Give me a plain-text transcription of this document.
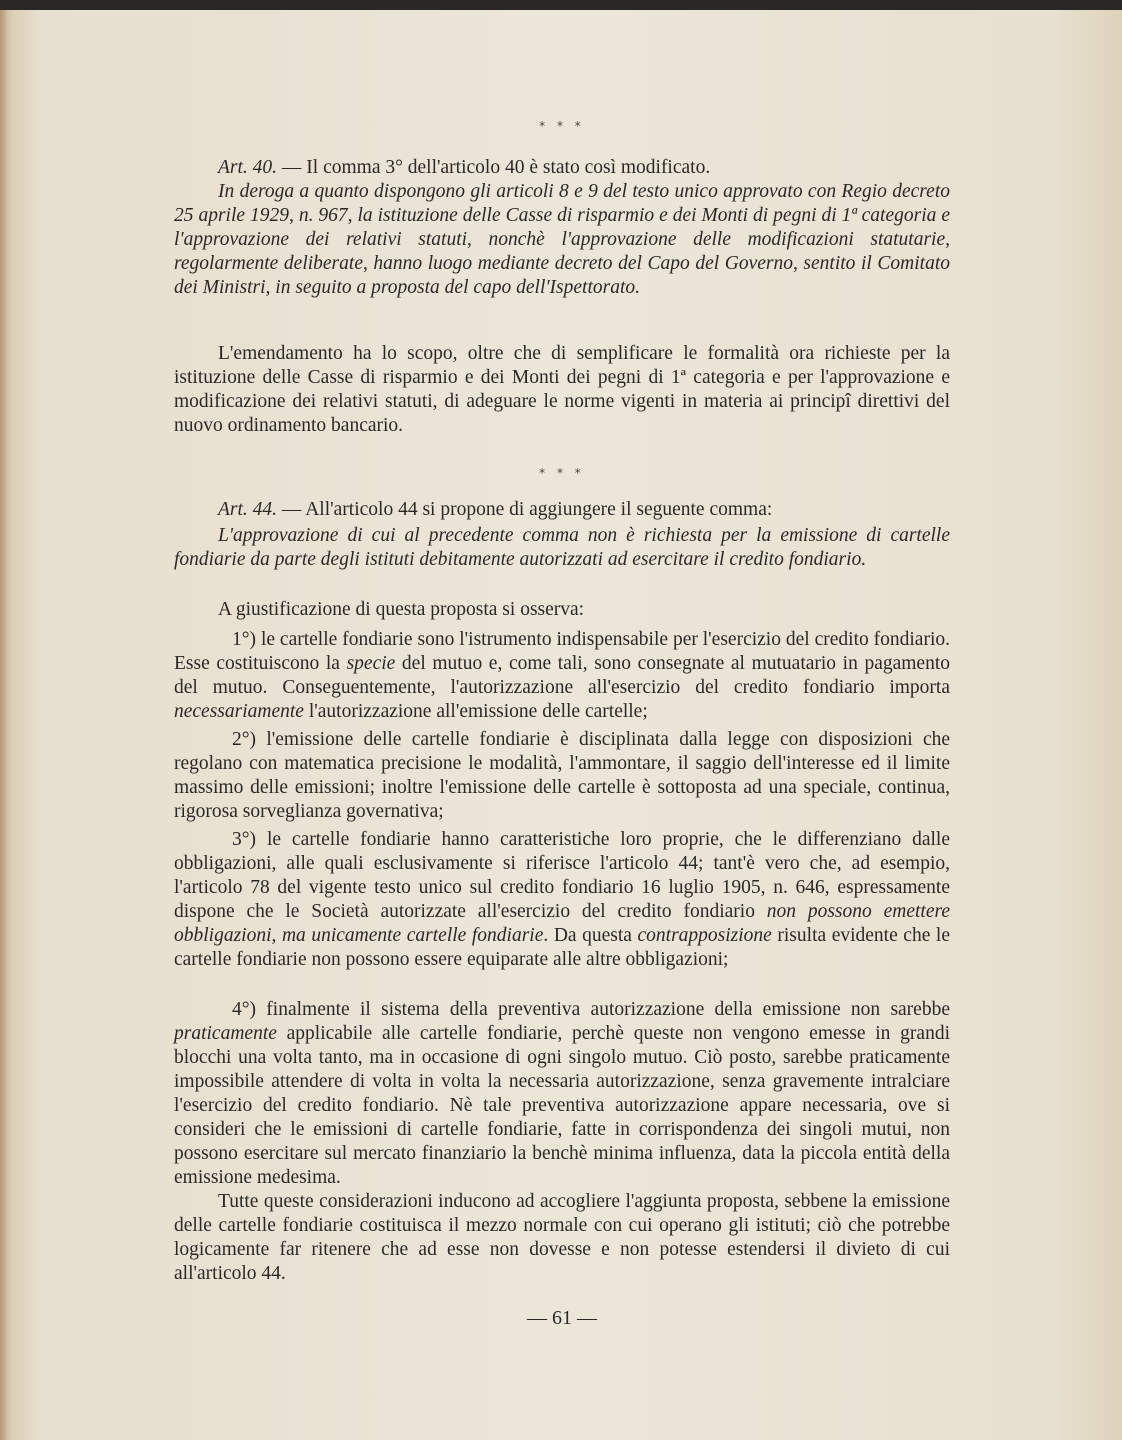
* * *

Art. 40. — Il comma 3° dell'articolo 40 è stato così modificato.

In deroga a quanto dispongono gli articoli 8 e 9 del testo unico approvato con Regio decreto 25 aprile 1929, n. 967, la istituzione delle Casse di risparmio e dei Monti di pegni di 1ª categoria e l'approvazione dei relativi statuti, nonchè l'approvazione delle modificazioni statutarie, regolarmente deliberate, hanno luogo mediante decreto del Capo del Governo, sentito il Comitato dei Ministri, in seguito a proposta del capo dell'Ispettorato.

L'emendamento ha lo scopo, oltre che di semplificare le formalità ora richieste per la istituzione delle Casse di risparmio e dei Monti dei pegni di 1ª categoria e per l'approvazione e modificazione dei relativi statuti, di adeguare le norme vigenti in materia ai principî direttivi del nuovo ordinamento bancario.

* * *

Art. 44. — All'articolo 44 si propone di aggiungere il seguente comma:

L'approvazione di cui al precedente comma non è richiesta per la emissione di cartelle fondiarie da parte degli istituti debitamente autorizzati ad esercitare il credito fondiario.

A giustificazione di questa proposta si osserva:

1°) le cartelle fondiarie sono l'istrumento indispensabile per l'esercizio del credito fondiario. Esse costituiscono la specie del mutuo e, come tali, sono consegnate al mutuatario in pagamento del mutuo. Conseguentemente, l'autorizzazione all'esercizio del credito fondiario importa necessariamente l'autorizzazione all'emissione delle cartelle;

2°) l'emissione delle cartelle fondiarie è disciplinata dalla legge con disposizioni che regolano con matematica precisione le modalità, l'ammontare, il saggio dell'interesse ed il limite massimo delle emissioni; inoltre l'emissione delle cartelle è sottoposta ad una speciale, continua, rigorosa sorveglianza governativa;

3°) le cartelle fondiarie hanno caratteristiche loro proprie, che le differenziano dalle obbligazioni, alle quali esclusivamente si riferisce l'articolo 44; tant'è vero che, ad esempio, l'articolo 78 del vigente testo unico sul credito fondiario 16 luglio 1905, n. 646, espressamente dispone che le Società autorizzate all'esercizio del credito fondiario non possono emettere obbligazioni, ma unicamente cartelle fondiarie. Da questa contrapposizione risulta evidente che le cartelle fondiarie non possono essere equiparate alle altre obbligazioni;

4°) finalmente il sistema della preventiva autorizzazione della emissione non sarebbe praticamente applicabile alle cartelle fondiarie, perchè queste non vengono emesse in grandi blocchi una volta tanto, ma in occasione di ogni singolo mutuo. Ciò posto, sarebbe praticamente impossibile attendere di volta in volta la necessaria autorizzazione, senza gravemente intralciare l'esercizio del credito fondiario. Nè tale preventiva autorizzazione appare necessaria, ove si consideri che le emissioni di cartelle fondiarie, fatte in corrispondenza dei singoli mutui, non possono esercitare sul mercato finanziario la benchè minima influenza, data la piccola entità della emissione medesima.

Tutte queste considerazioni inducono ad accogliere l'aggiunta proposta, sebbene la emissione delle cartelle fondiarie costituisca il mezzo normale con cui operano gli istituti; ciò che potrebbe logicamente far ritenere che ad esse non dovesse e non potesse estendersi il divieto di cui all'articolo 44.

— 61 —
